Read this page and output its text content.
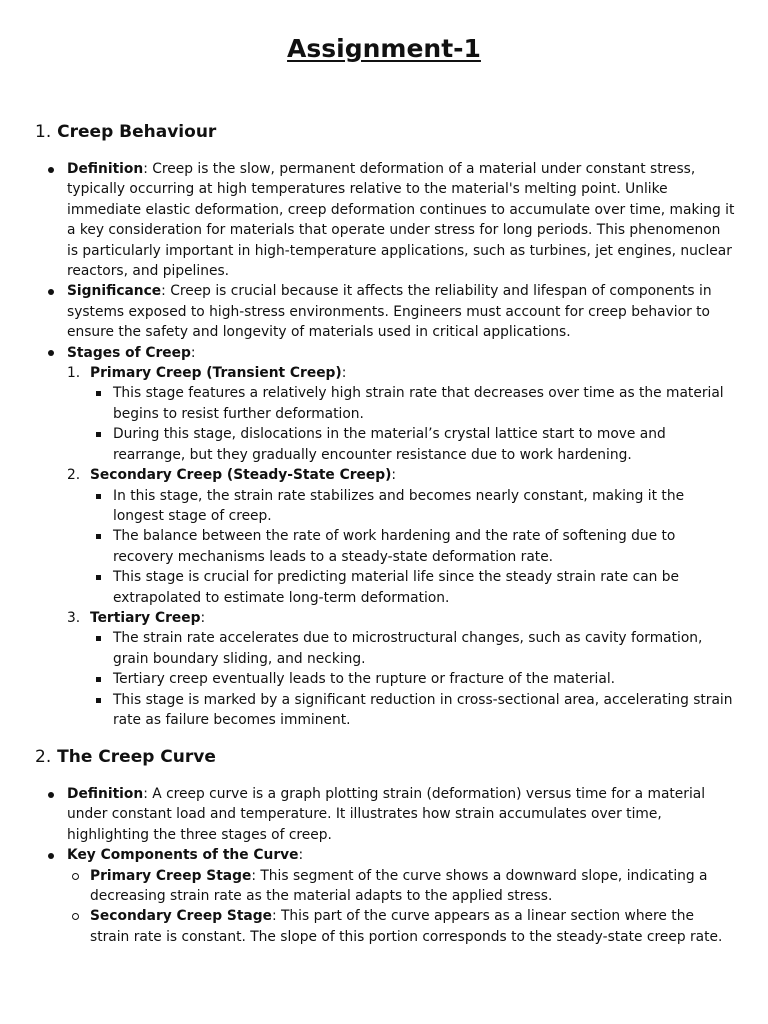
Assignment-1
1. Creep Behaviour
Definition: Creep is the slow, permanent deformation of a material under constant stress, typically occurring at high temperatures relative to the material's melting point. Unlike immediate elastic deformation, creep deformation continues to accumulate over time, making it a key consideration for materials that operate under stress for long periods. This phenomenon is particularly important in high-temperature applications, such as turbines, jet engines, nuclear reactors, and pipelines.
Significance: Creep is crucial because it affects the reliability and lifespan of components in systems exposed to high-stress environments. Engineers must account for creep behavior to ensure the safety and longevity of materials used in critical applications.
Stages of Creep:
1. Primary Creep (Transient Creep):
This stage features a relatively high strain rate that decreases over time as the material begins to resist further deformation.
During this stage, dislocations in the material’s crystal lattice start to move and rearrange, but they gradually encounter resistance due to work hardening.
2. Secondary Creep (Steady-State Creep):
In this stage, the strain rate stabilizes and becomes nearly constant, making it the longest stage of creep.
The balance between the rate of work hardening and the rate of softening due to recovery mechanisms leads to a steady-state deformation rate.
This stage is crucial for predicting material life since the steady strain rate can be extrapolated to estimate long-term deformation.
3. Tertiary Creep:
The strain rate accelerates due to microstructural changes, such as cavity formation, grain boundary sliding, and necking.
Tertiary creep eventually leads to the rupture or fracture of the material.
This stage is marked by a significant reduction in cross-sectional area, accelerating strain rate as failure becomes imminent.
2. The Creep Curve
Definition: A creep curve is a graph plotting strain (deformation) versus time for a material under constant load and temperature. It illustrates how strain accumulates over time, highlighting the three stages of creep.
Key Components of the Curve:
Primary Creep Stage: This segment of the curve shows a downward slope, indicating a decreasing strain rate as the material adapts to the applied stress.
Secondary Creep Stage: This part of the curve appears as a linear section where the strain rate is constant. The slope of this portion corresponds to the steady-state creep rate.
